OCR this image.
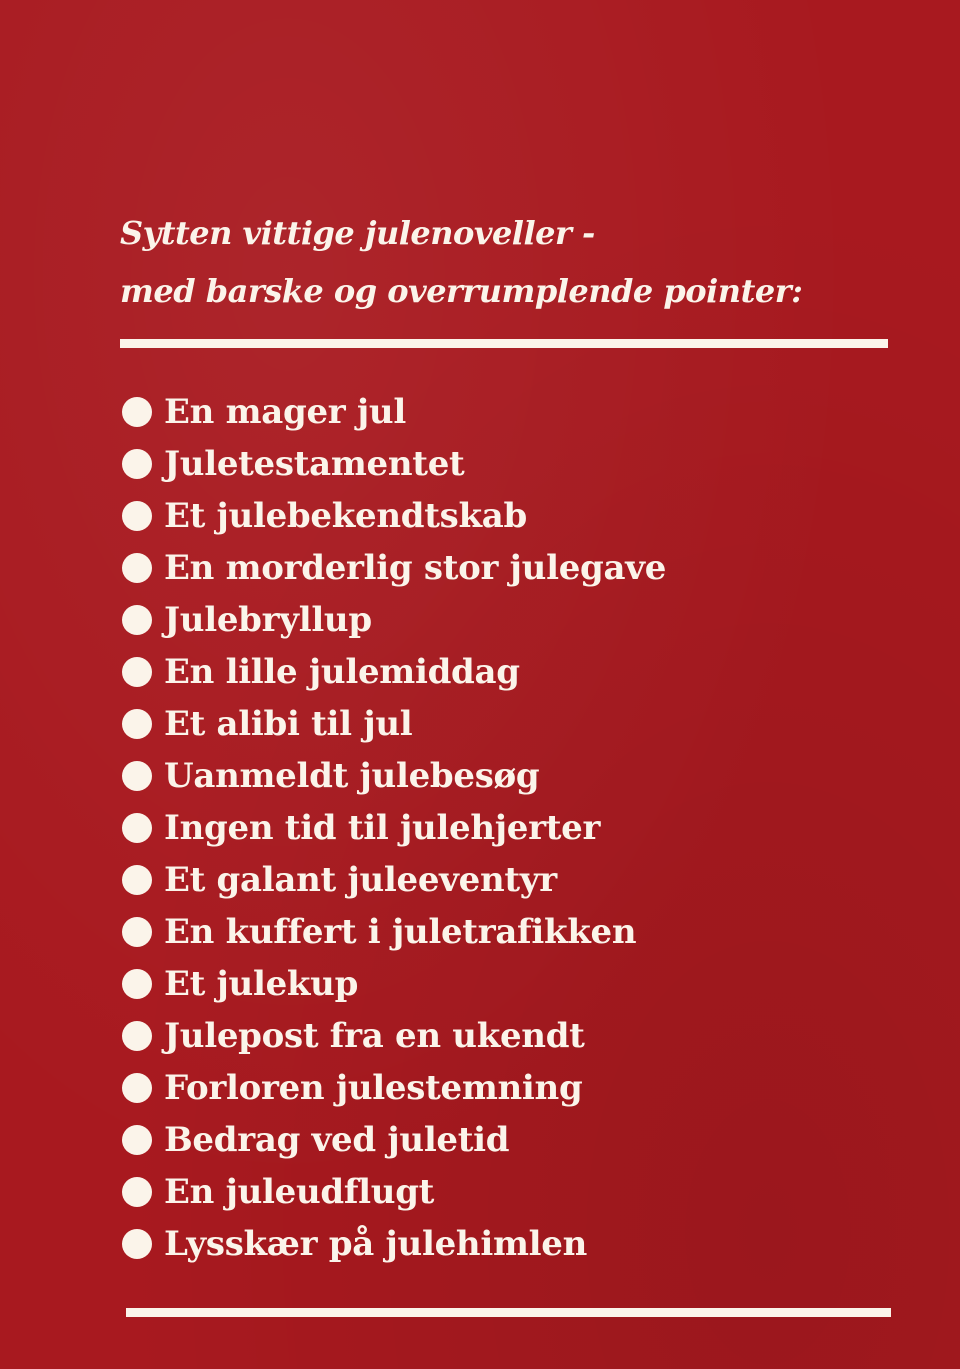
Sytten vittige julenoveller -
med barske og overrumplende pointer:

En mager jul
Juletestamentet
Et julebekendtskab
En morderlig stor julegave
Julebryllup
En lille julemiddag
Et alibi til jul
Uanmeldt julebesøg
Ingen tid til julehjerter
Et galant juleeventyr
En kuffert i juletrafikken
Et julekup
Julepost fra en ukendt
Forloren julestemning
Bedrag ved juletid
En juleudflugt
Lysskær på julehimlen
